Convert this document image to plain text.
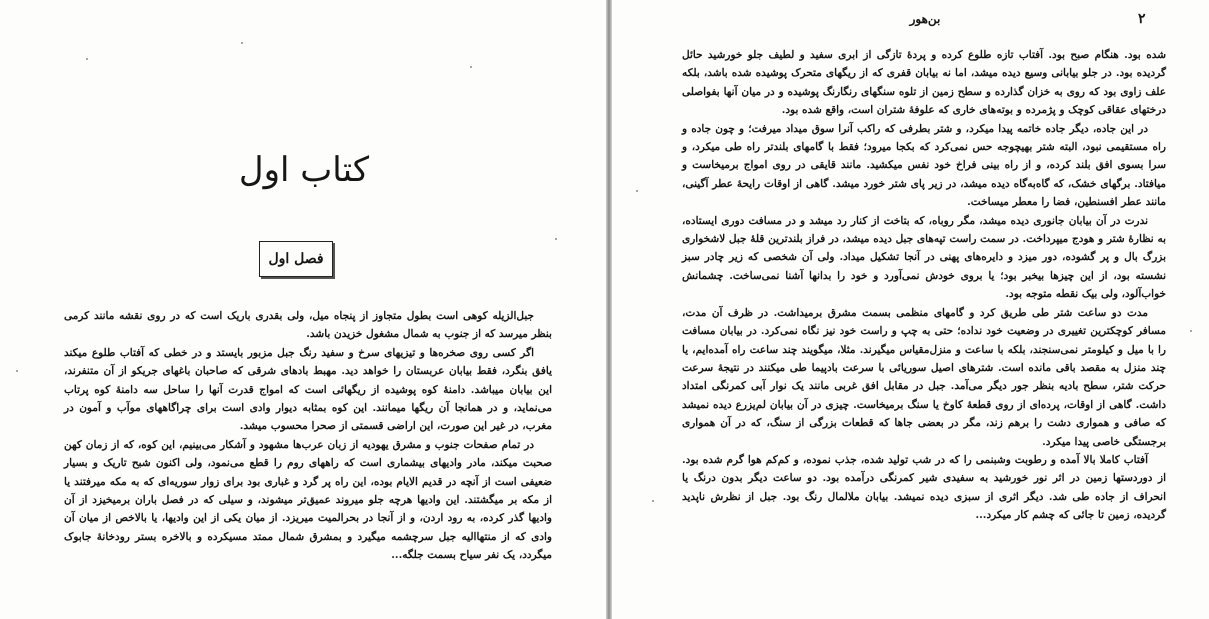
کتاب اول
فصل اول

جبل‌الزیله کوهی است بطول متجاوز از پنجاه میل، ولی بقدری باریک است که در روی نقشه مانند کرمی بنظر میرسد که از جنوب به شمال مشغول خزیدن باشد.

اگر کسی روی صخره‌ها و تیزیهای سرخ و سفید رنگ جبل مزبور بایستد و در خطی که آفتاب طلوع میکند یافق بنگرد، فقط بیابان عربستان را خواهد دید. مهبط بادهای شرقی که صاحبان باغهای جریکو از آن متنفرند، این بیابان میباشد. دامنهٔ کوه پوشیده از ریگهائی است که امواج قدرت آنها را ساحل سه دامنهٔ کوه پرتاب می‌نماید، و در همانجا آن ریگها میمانند. این کوه بمثابه دیوار وادی است برای چراگاههای موآب و آمون در مغرب، در غیر این صورت، این اراضی قسمتی از صحرا محسوب میشد.

در تمام صفحات جنوب و مشرق یهودیه از زبان عرب‌ها مشهود و آشکار می‌بینیم، این کوه، که از زمان کهن صحبت میکند، مادر وادیهای بیشماری است که راههای روم را قطع می‌نمود، ولی اکنون شبح تاریک و بسیار ضعیفی است از آنچه در قدیم الایام بوده، این راه پر گرد و غباری بود برای زوار سوریه‌ای که به مکه میرفتند یا از مکه بر میگشتند. این وادیها هرچه جلو میروند عمیق‌تر میشوند، و سیلی که در فصل باران برمیخیزد از آن وادیها گذر کرده، به رود اردن، و از آنجا در بحرالمیت میریزد. از میان یکی از این وادیها، یا بالاخص از میان آن وادی که از منتهاالیه جبل سرچشمه میگیرد و بمشرق شمال ممتد مسیکرده و بالاخره بستر رودخانهٔ جابوک میگردد، یک نفر سیاح بسمت جلگه...

بن‌هور	۲

شده بود. هنگام صبح بود. آفتاب تازه طلوع کرده و پردهٔ تازگی از ابری سفید و لطیف جلو خورشید حائل گردیده بود. در جلو بیابانی وسیع دیده میشد، اما نه بیابان قفری که از ریگهای متحرک پوشیده شده باشد، بلکه علف زاوی بود که روی به خزان گذارده و سطح زمین از تلوه سنگهای رنگارنگ پوشیده و در میان آنها بفواصلی درختهای عقاقی کوچک و پژمرده و بوته‌های خاری که علوفهٔ شتران است، واقع شده بود.

در این جاده، دیگر جاده خاتمه پیدا میکرد، و شتر بطرفی که راکب آنرا سوق میداد میرفت؛ و چون جاده و راه مستقیمی نبود، البته شتر بهیچوجه حس نمی‌کرد که بکجا میرود؛ فقط با گامهای بلندتر راه طی میکرد، و سرا بسوی افق بلند کرده، و از راه بینی فراخ خود نفس میکشید. مانند قایقی در روی امواج برمیخاست و میافتاد. برگهای خشک، که گاه‌به‌گاه دیده میشد، در زیر پای شتر خورد میشد. گاهی از اوقات رایحهٔ عطر آگینی، مانند عطر افسنطین، فضا را معطر میساخت.

ندرت در آن بیابان جانوری دیده میشد، مگر روباه، که بتاخت از کنار رد میشد و در مسافت دوری ایستاده، به نظارهٔ شتر و هودج میپرداخت. در سمت راست تپه‌های جبل دیده میشد، در فراز بلندترین قلهٔ جبل لاشخواری بزرگ بال و پر گشوده، دور میزد و دایره‌های پهنی در آنجا تشکیل میداد. ولی آن شخصی که زیر چادر سبز نشسته بود، از این چیزها بیخبر بود؛ یا بروی خودش نمی‌آورد و خود را بدانها آشنا نمی‌ساخت. چشمانش خواب‌آلود، ولی بیک نقطه متوجه بود.

مدت دو ساعت شتر طی طریق کرد و گامهای منظمی بسمت مشرق برمیداشت. در ظرف آن مدت، مسافر کوچکترین تغییری در وضعیت خود نداده؛ حتی به چپ و راست خود نیز نگاه نمی‌کرد. در بیابان مسافت را با میل و کیلومتر نمی‌سنجند، بلکه با ساعت و منزل‌مقیاس میگیرند. مثلا، میگویند چند ساعت راه آمده‌ایم، یا چند منزل به مقصد باقی مانده است. شترهای اصیل سوریائی با سرعت بادپیما طی میکنند در نتیجهٔ سرعت حرکت شتر، سطح بادیه بنظر جور دیگر می‌آمد. جبل در مقابل افق غربی مانند یک نوار آبی کمرنگی امتداد داشت. گاهی از اوقات، پرده‌ای از روی قطعهٔ کاوخ یا سنگ برمیخاست. چیزی در آن بیابان لم‌یزرع دیده نمیشد که صافی و همواری دشت را برهم زند، مگر در بعضی جاها که قطعات بزرگی از سنگ، که در آن همواری برجستگی خاصی پیدا میکرد.

آفتاب کاملا بالا آمده و رطوبت وشبنمی را که در شب تولید شده، جذب نموده، و کم‌کم هوا گرم شده بود. از دوردستها زمین در اثر نور خورشید به سفیدی شیر کمرنگی درآمده بود. دو ساعت دیگر بدون درنگ یا انحراف از جاده طی شد. دیگر اثری از سبزی دیده نمیشد. بیابان ملالمال رنگ بود. جبل از نظرش ناپدید گردیده، زمین تا جائی که چشم کار میکرد...
